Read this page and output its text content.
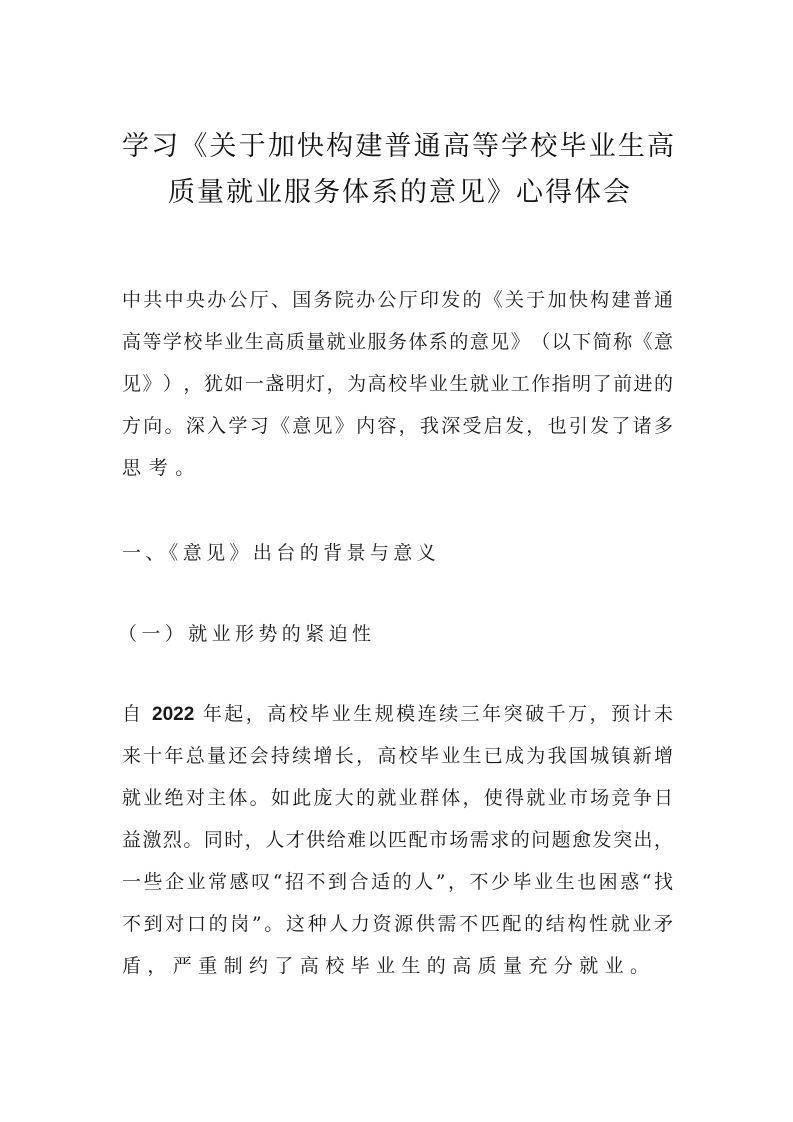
学​习​《​关​于​加​快​构​建​普​通​高​等​学​校​毕​业​生​高
质​量​就​业​服​务​体​系​的​意​见​》​心​得​体​会
中​共​中​央​办​公​厅​、​国​务​院​办​公​厅​印​发​的​《​关​于​加​快​构​建​普​通
高​等​学​校​毕​业​生​高​质​量​就​业​服​务​体​系​的​意​见​》​（​以​下​简​称​《​意
见​》​）​，​犹​如​一​盏​明​灯​，​为​高​校​毕​业​生​就​业​工​作​指​明​了​前​进​的
方​向​。​深​入​学​习​《​意​见​》​内​容​，​我​深​受​启​发​，​也​引​发​了​诸​多
思考。
一、《意见》出台的背景与意义
（一）就业形势的紧迫性
自​ 2022 ​年​起​，​高​校​毕​业​生​规​模​连​续​三​年​突​破​千​万​，​预​计​未
来​十​年​总​量​还​会​持​续​增​长​，​高​校​毕​业​生​已​成​为​我​国​城​镇​新​增
就​业​绝​对​主​体​。​如​此​庞​大​的​就​业​群​体​，​使​得​就​业​市​场​竞​争​日
益​激​烈​。​同​时​，​人​才​供​给​难​以​匹​配​市​场​需​求​的​问​题​愈​发​突​出​，
一​些​企​业​常​感​叹​“​招​不​到​合​适​的​人​”​，​不​少​毕​业​生​也​困​惑​“​找
不​到​对​口​的​岗​”​。​这​种​人​力​资​源​供​需​不​匹​配​的​结​构​性​就​业​矛
盾，严重制约了高校毕业生的高质量充分就业。
